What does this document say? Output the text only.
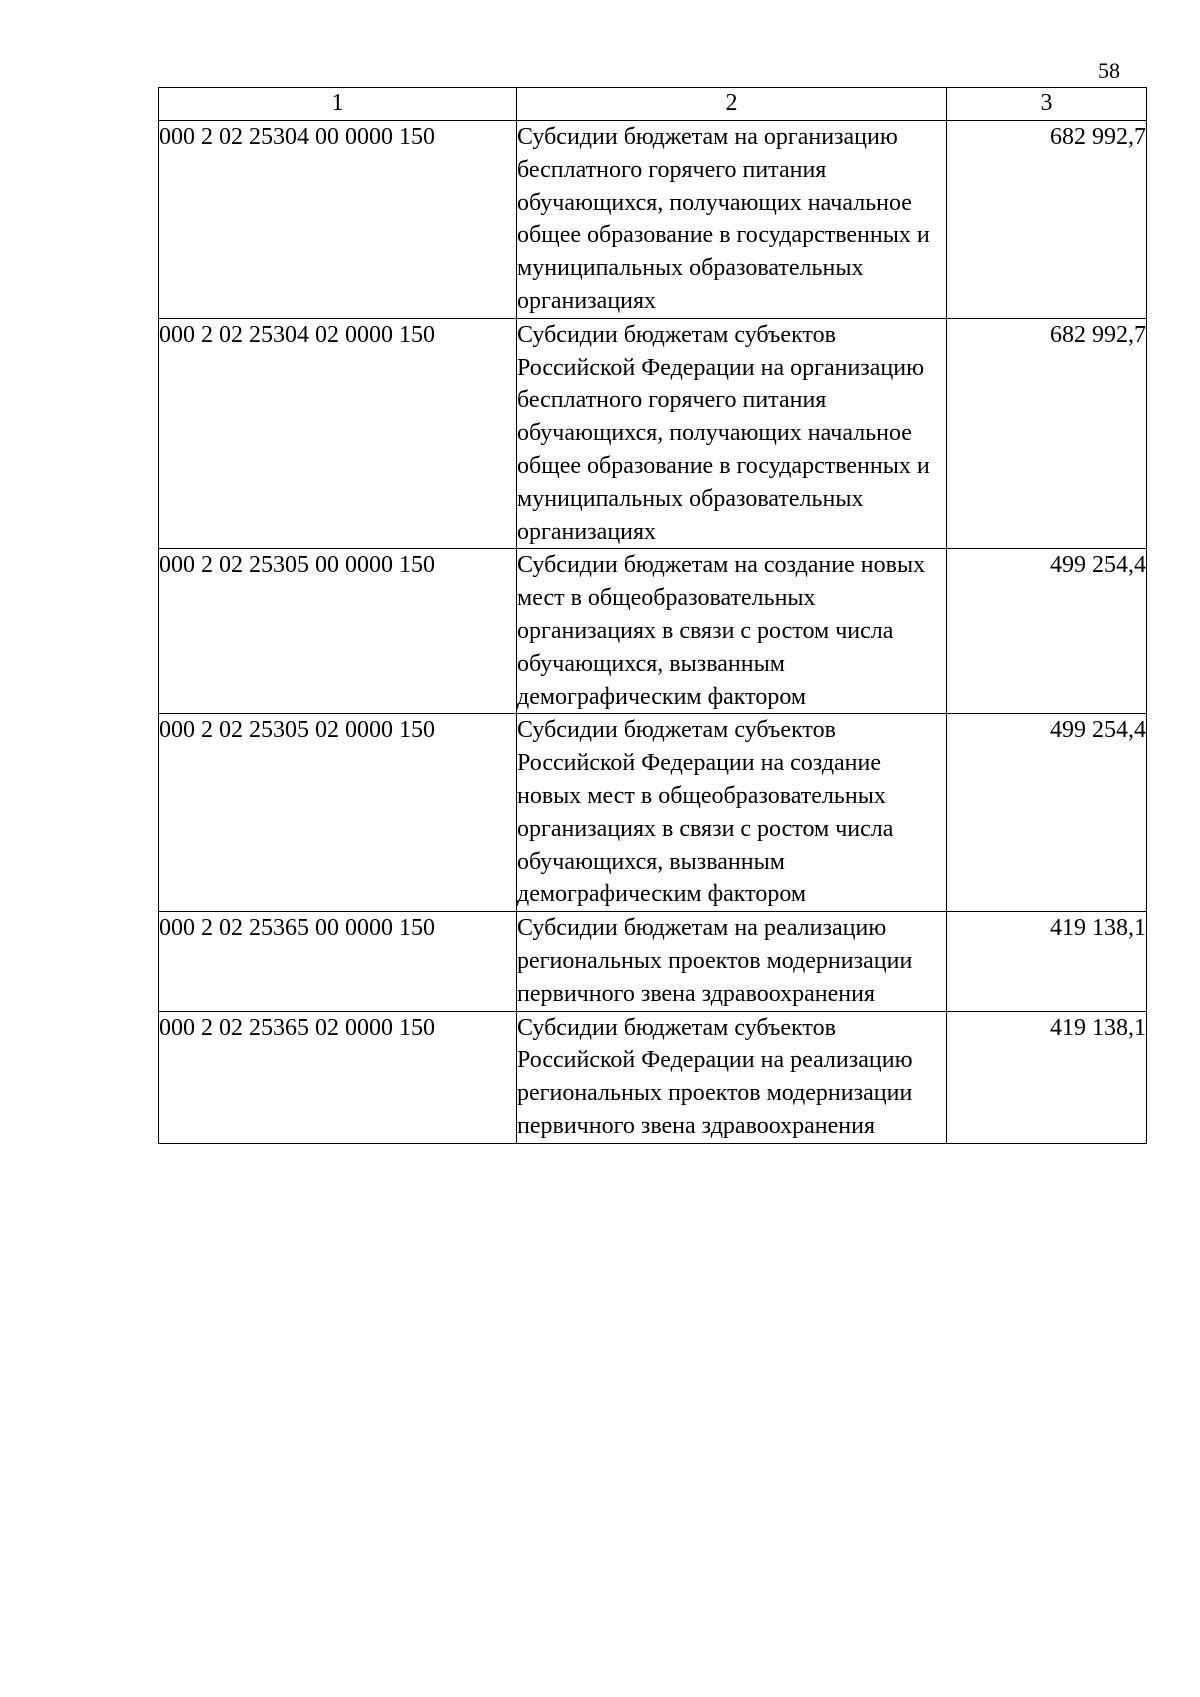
58
1	2	3
000 2 02 25304 00 0000 150	Субсидии бюджетам на организацию бесплатного горячего питания обучающихся, получающих начальное общее образование в государственных и муниципальных образовательных организациях	682 992,7
000 2 02 25304 02 0000 150	Субсидии бюджетам субъектов Российской Федерации на организацию бесплатного горячего питания обучающихся, получающих начальное общее образование в государственных и муниципальных образовательных организациях	682 992,7
000 2 02 25305 00 0000 150	Субсидии бюджетам на создание новых мест в общеобразовательных организациях в связи с ростом числа обучающихся, вызванным демографическим фактором	499 254,4
000 2 02 25305 02 0000 150	Субсидии бюджетам субъектов Российской Федерации на создание новых мест в общеобразовательных организациях в связи с ростом числа обучающихся, вызванным демографическим фактором	499 254,4
000 2 02 25365 00 0000 150	Субсидии бюджетам на реализацию региональных проектов модернизации первичного звена здравоохранения	419 138,1
000 2 02 25365 02 0000 150	Субсидии бюджетам субъектов Российской Федерации на реализацию региональных проектов модернизации первичного звена здравоохранения	419 138,1
